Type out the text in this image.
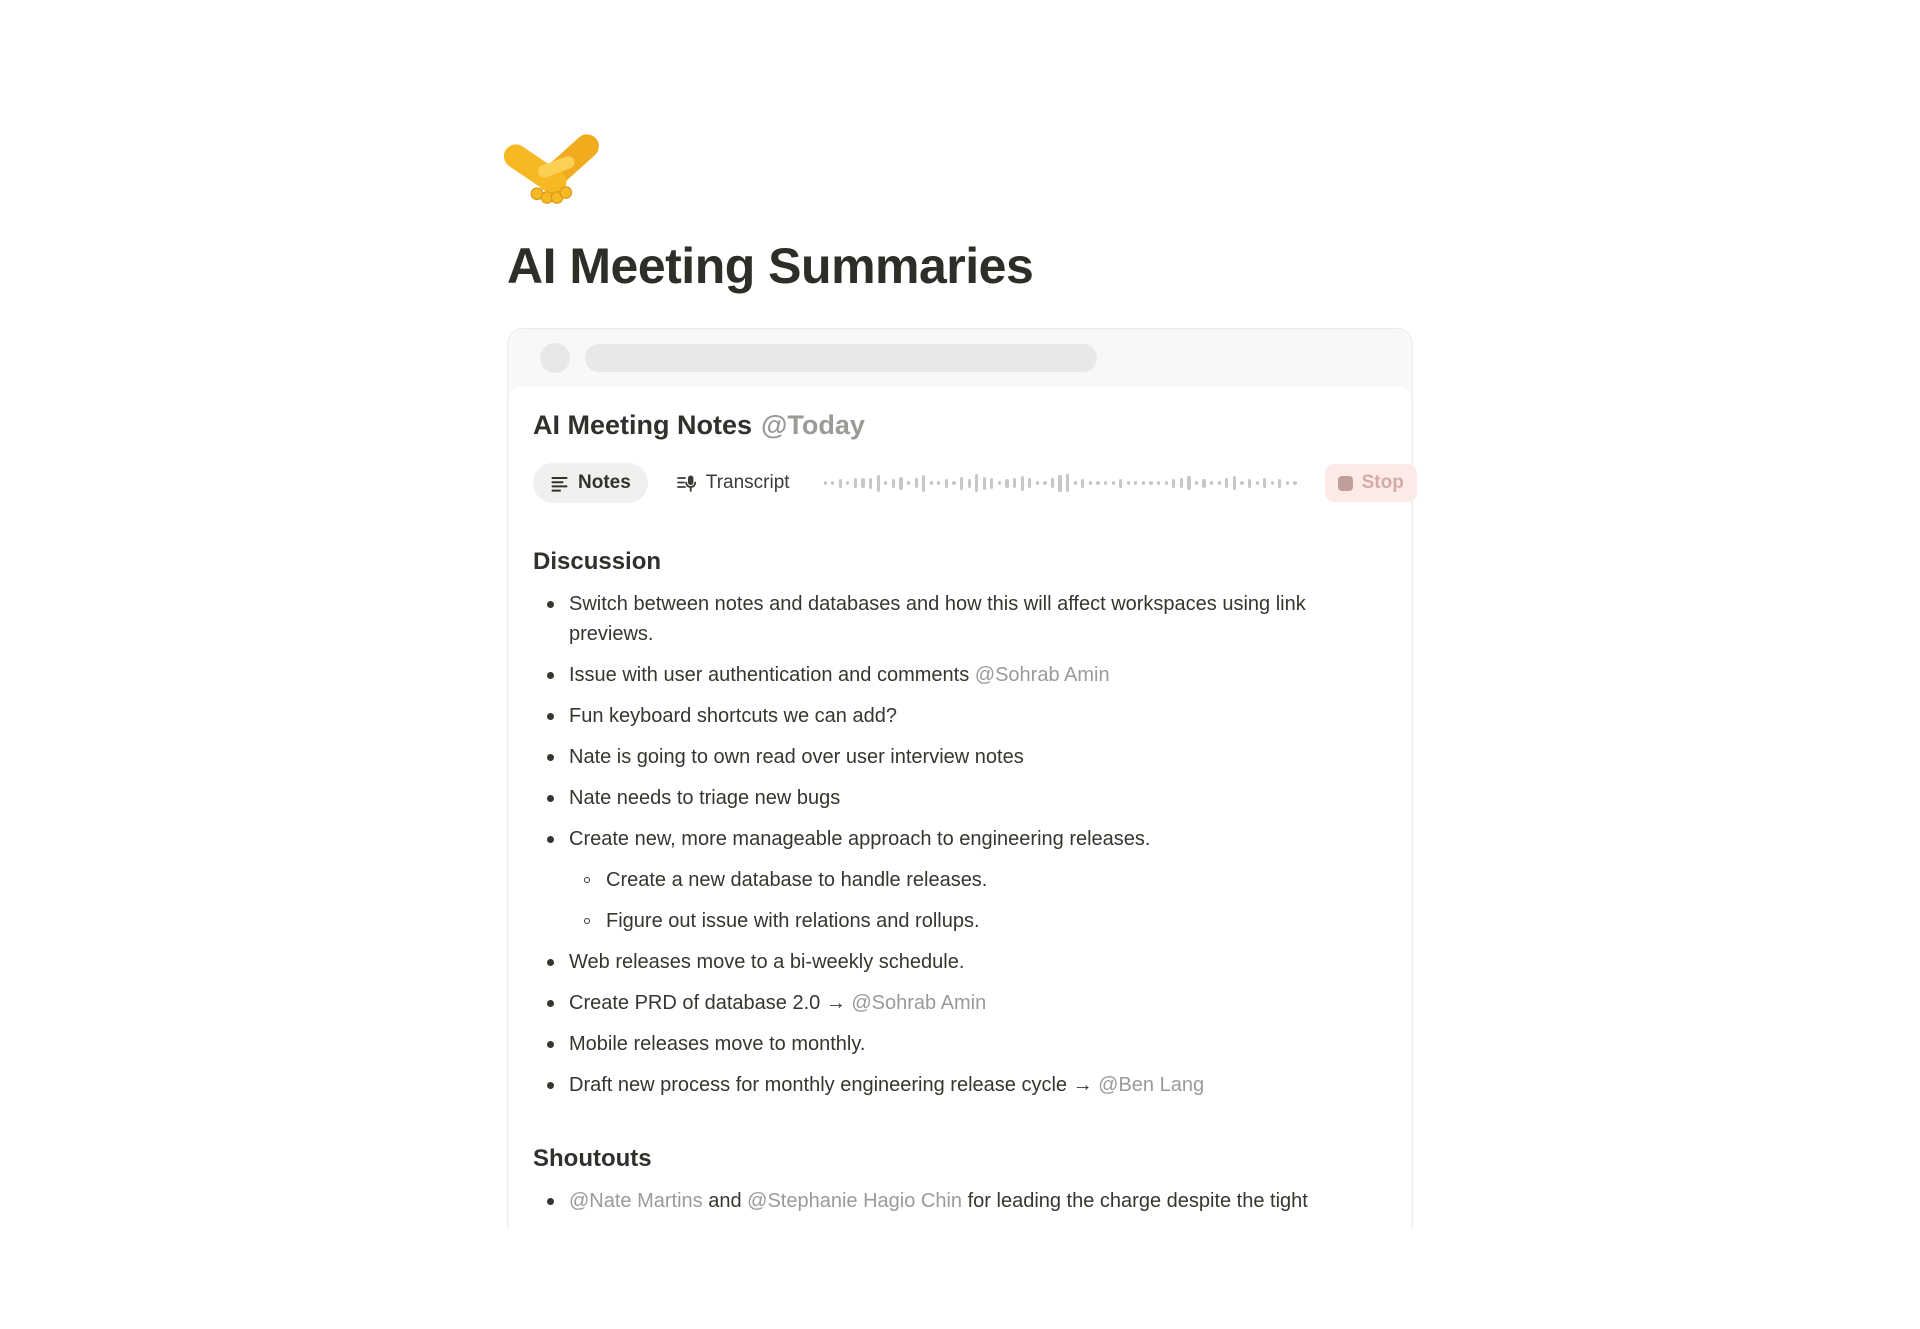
AI Meeting Summaries
AI Meeting Notes @Today
Notes	Transcript	Stop
Discussion
Switch between notes and databases and how this will affect workspaces using link previews.
Issue with user authentication and comments @Sohrab Amin
Fun keyboard shortcuts we can add?
Nate is going to own read over user interview notes
Nate needs to triage new bugs
Create new, more manageable approach to engineering releases.
Create a new database to handle releases.
Figure out issue with relations and rollups.
Web releases move to a bi-weekly schedule.
Create PRD of database 2.0 → @Sohrab Amin
Mobile releases move to monthly.
Draft new process for monthly engineering release cycle → @Ben Lang
Shoutouts
@Nate Martins and @Stephanie Hagio Chin for leading the charge despite the tight
